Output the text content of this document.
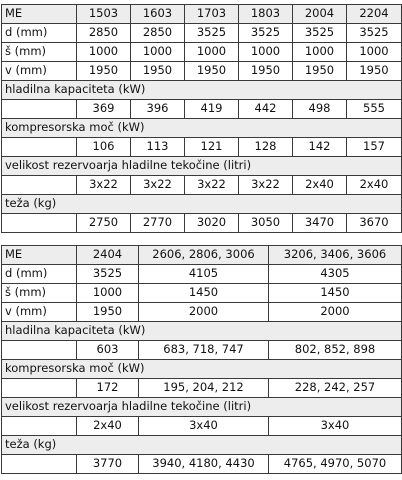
ME	1503	1603	1703	1803	2004	2204
d (mm)	2850	2850	3525	3525	3525	3525
š (mm)	1000	1000	1000	1000	1000	1000
v (mm)	1950	1950	1950	1950	1950	1950
hladilna kapaciteta (kW)						
	369	396	419	442	498	555
kompresorska moč (kW)						
	106	113	121	128	142	157
velikost rezervoarja hladilne tekočine (litri)						
	3x22	3x22	3x22	3x22	2x40	2x40
teža (kg)						
	2750	2770	3020	3050	3470	3670
ME	2404	2606, 2806, 3006	3206, 3406, 3606
d (mm)	3525	4105	4305
š (mm)	1000	1450	1450
v (mm)	1950	2000	2000
hladilna kapaciteta (kW)			
	603	683, 718, 747	802, 852, 898
kompresorska moč (kW)			
	172	195, 204, 212	228, 242, 257
velikost rezervoarja hladilne tekočine (litri)			
	2x40	3x40	3x40
teža (kg)			
	3770	3940, 4180, 4430	4765, 4970, 5070
